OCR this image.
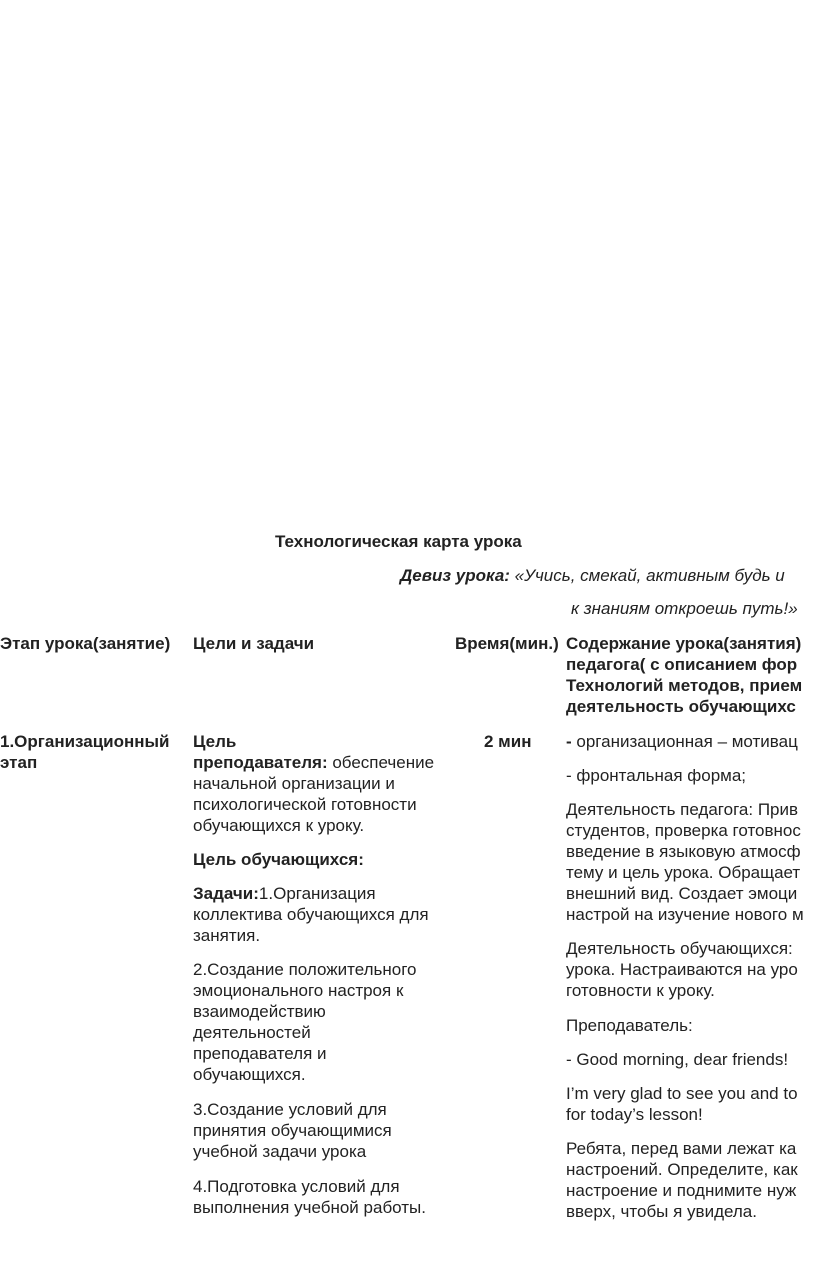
Технологическая карта урока
Девиз урока: «Учись, смекай, активным будь и
к знаниям откроешь путь!»
Этап урока(занятие) Цели и задачи	Время(мин.) Содержание урока(занятия)
педагога( с описанием фор
Технологий методов, прием
деятельность обучающихс
1.Организационный
этап
Цель
преподавателя: обеспечение
начальной организации и
психологической готовности
обучающихся к уроку.
Цель обучающихся:
Задачи:1.Организация
коллектива обучающихся для
занятия.
2.Создание положительного
эмоционального настроя к
взаимодействию
деятельностей
преподавателя и
обучающихся.
3.Создание условий для
принятия обучающимися
учебной задачи урока
4.Подготовка условий для
выполнения учебной работы.
2 мин - организационная – мотивац
- фронтальная форма;
Деятельность педагога: Прив
студентов, проверка готовнос
введение в языковую атмосф
тему и цель урока. Обращает
внешний вид. Создает эмоци
настрой на изучение нового м
Деятельность обучающихся:
урока. Настраиваются на уро
готовности к уроку.
Преподаватель:
- Good morning, dear friends!
I’m very glad to see you and to
for today’s lesson!
Ребята, перед вами лежат ка
настроений. Определите, как
настроение и поднимите нуж
вверх, чтобы я увидела.
